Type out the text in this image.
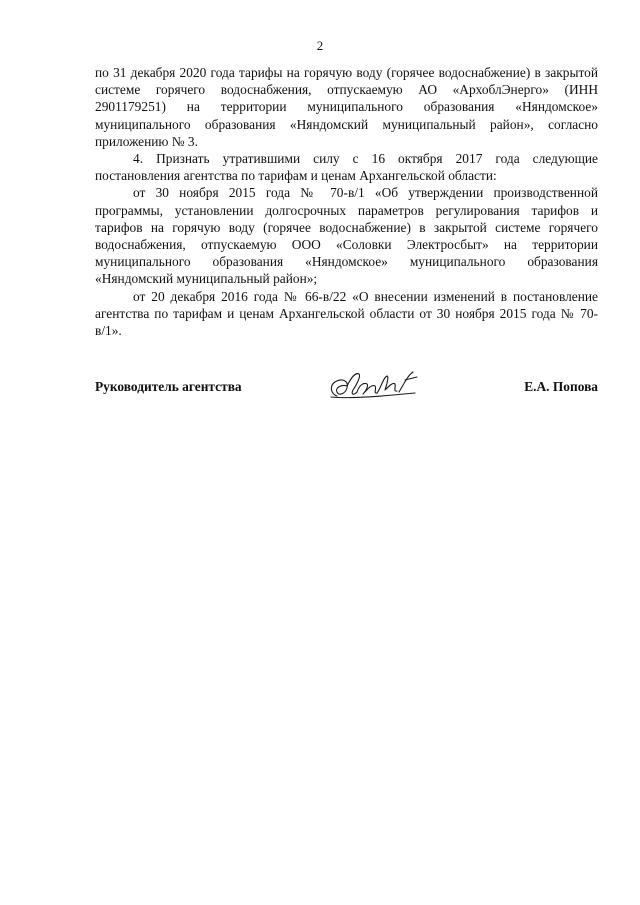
2

по 31 декабря 2020 года тарифы на горячую воду (горячее водоснабжение) в закрытой системе горячего водоснабжения, отпускаемую АО «АрхоблЭнерго» (ИНН 2901179251) на территории муниципального образования «Няндомское» муниципального образования «Няндомский муниципальный район», согласно приложению № 3.

4. Признать утратившими силу с 16 октября 2017 года следующие постановления агентства по тарифам и ценам Архангельской области:

от 30 ноября 2015 года № 70-в/1 «Об утверждении производственной программы, установлении долгосрочных параметров регулирования тарифов и тарифов на горячую воду (горячее водоснабжение) в закрытой системе горячего водоснабжения, отпускаемую ООО «Соловки Электросбыт» на территории муниципального образования «Няндомское» муниципального образования «Няндомский муниципальный район»;

от 20 декабря 2016 года № 66-в/22 «О внесении изменений в постановление агентства по тарифам и ценам Архангельской области от 30 ноября 2015 года № 70-в/1».

Руководитель агентства	Е.А. Попова
